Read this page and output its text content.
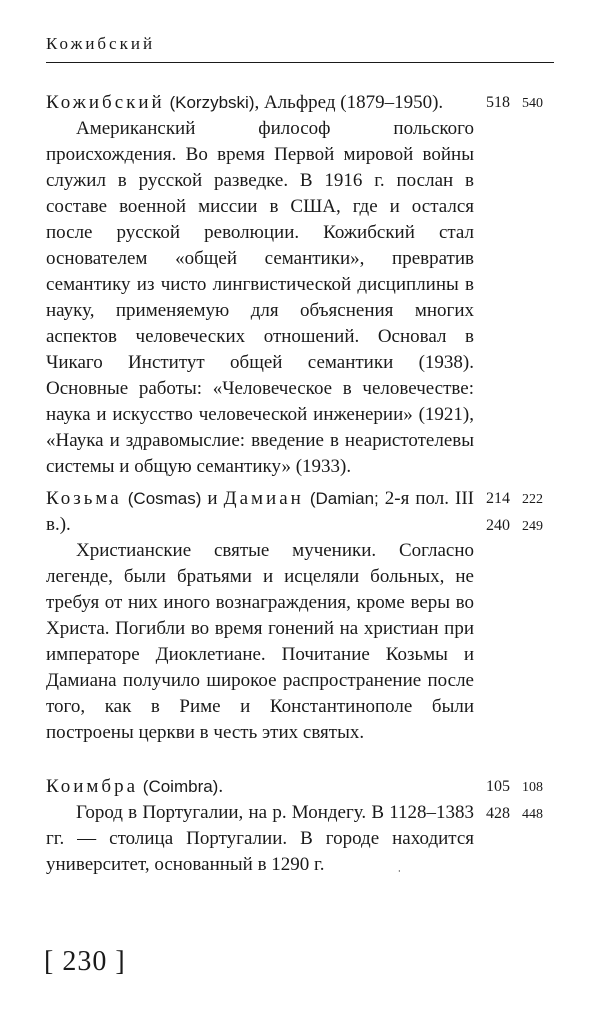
Кожибский

Кожибский (Korzybski), Альфред (1879–1950).

Американский философ польского происхождения. Во время Первой мировой войны служил в русской разведке. В 1916 г. послан в составе военной миссии в США, где и остался после русской революции. Кожибский стал основателем «общей семантики», превратив семантику из чисто лингвистической дисциплины в науку, применяемую для объяснения многих аспектов человеческих отношений. Основал в Чикаго Институт общей семантики (1938). Основные работы: «Человеческое в человечестве: наука и искусство человеческой инженерии» (1921), «Наука и здравомыслие: введение в неаристотелевы системы и общую семантику» (1933).

518 540

Козьма (Cosmas) и Дамиан (Damian; 2-я пол. III в.).

Христианские святые мученики. Согласно легенде, были братьями и исцеляли больных, не требуя от них иного вознаграждения, кроме веры во Христа. Погибли во время гонений на христиан при императоре Диоклетиане. Почитание Козьмы и Дамиана получило широкое распространение после того, как в Риме и Константинополе были построены церкви в честь этих святых.

214 222
240 249

Коимбра (Coimbra).

Город в Португалии, на р. Мондегу. В 1128–1383 гг. — столица Португалии. В городе находится университет, основанный в 1290 г.

105 108
428 448
⸳
[ 230 ]
